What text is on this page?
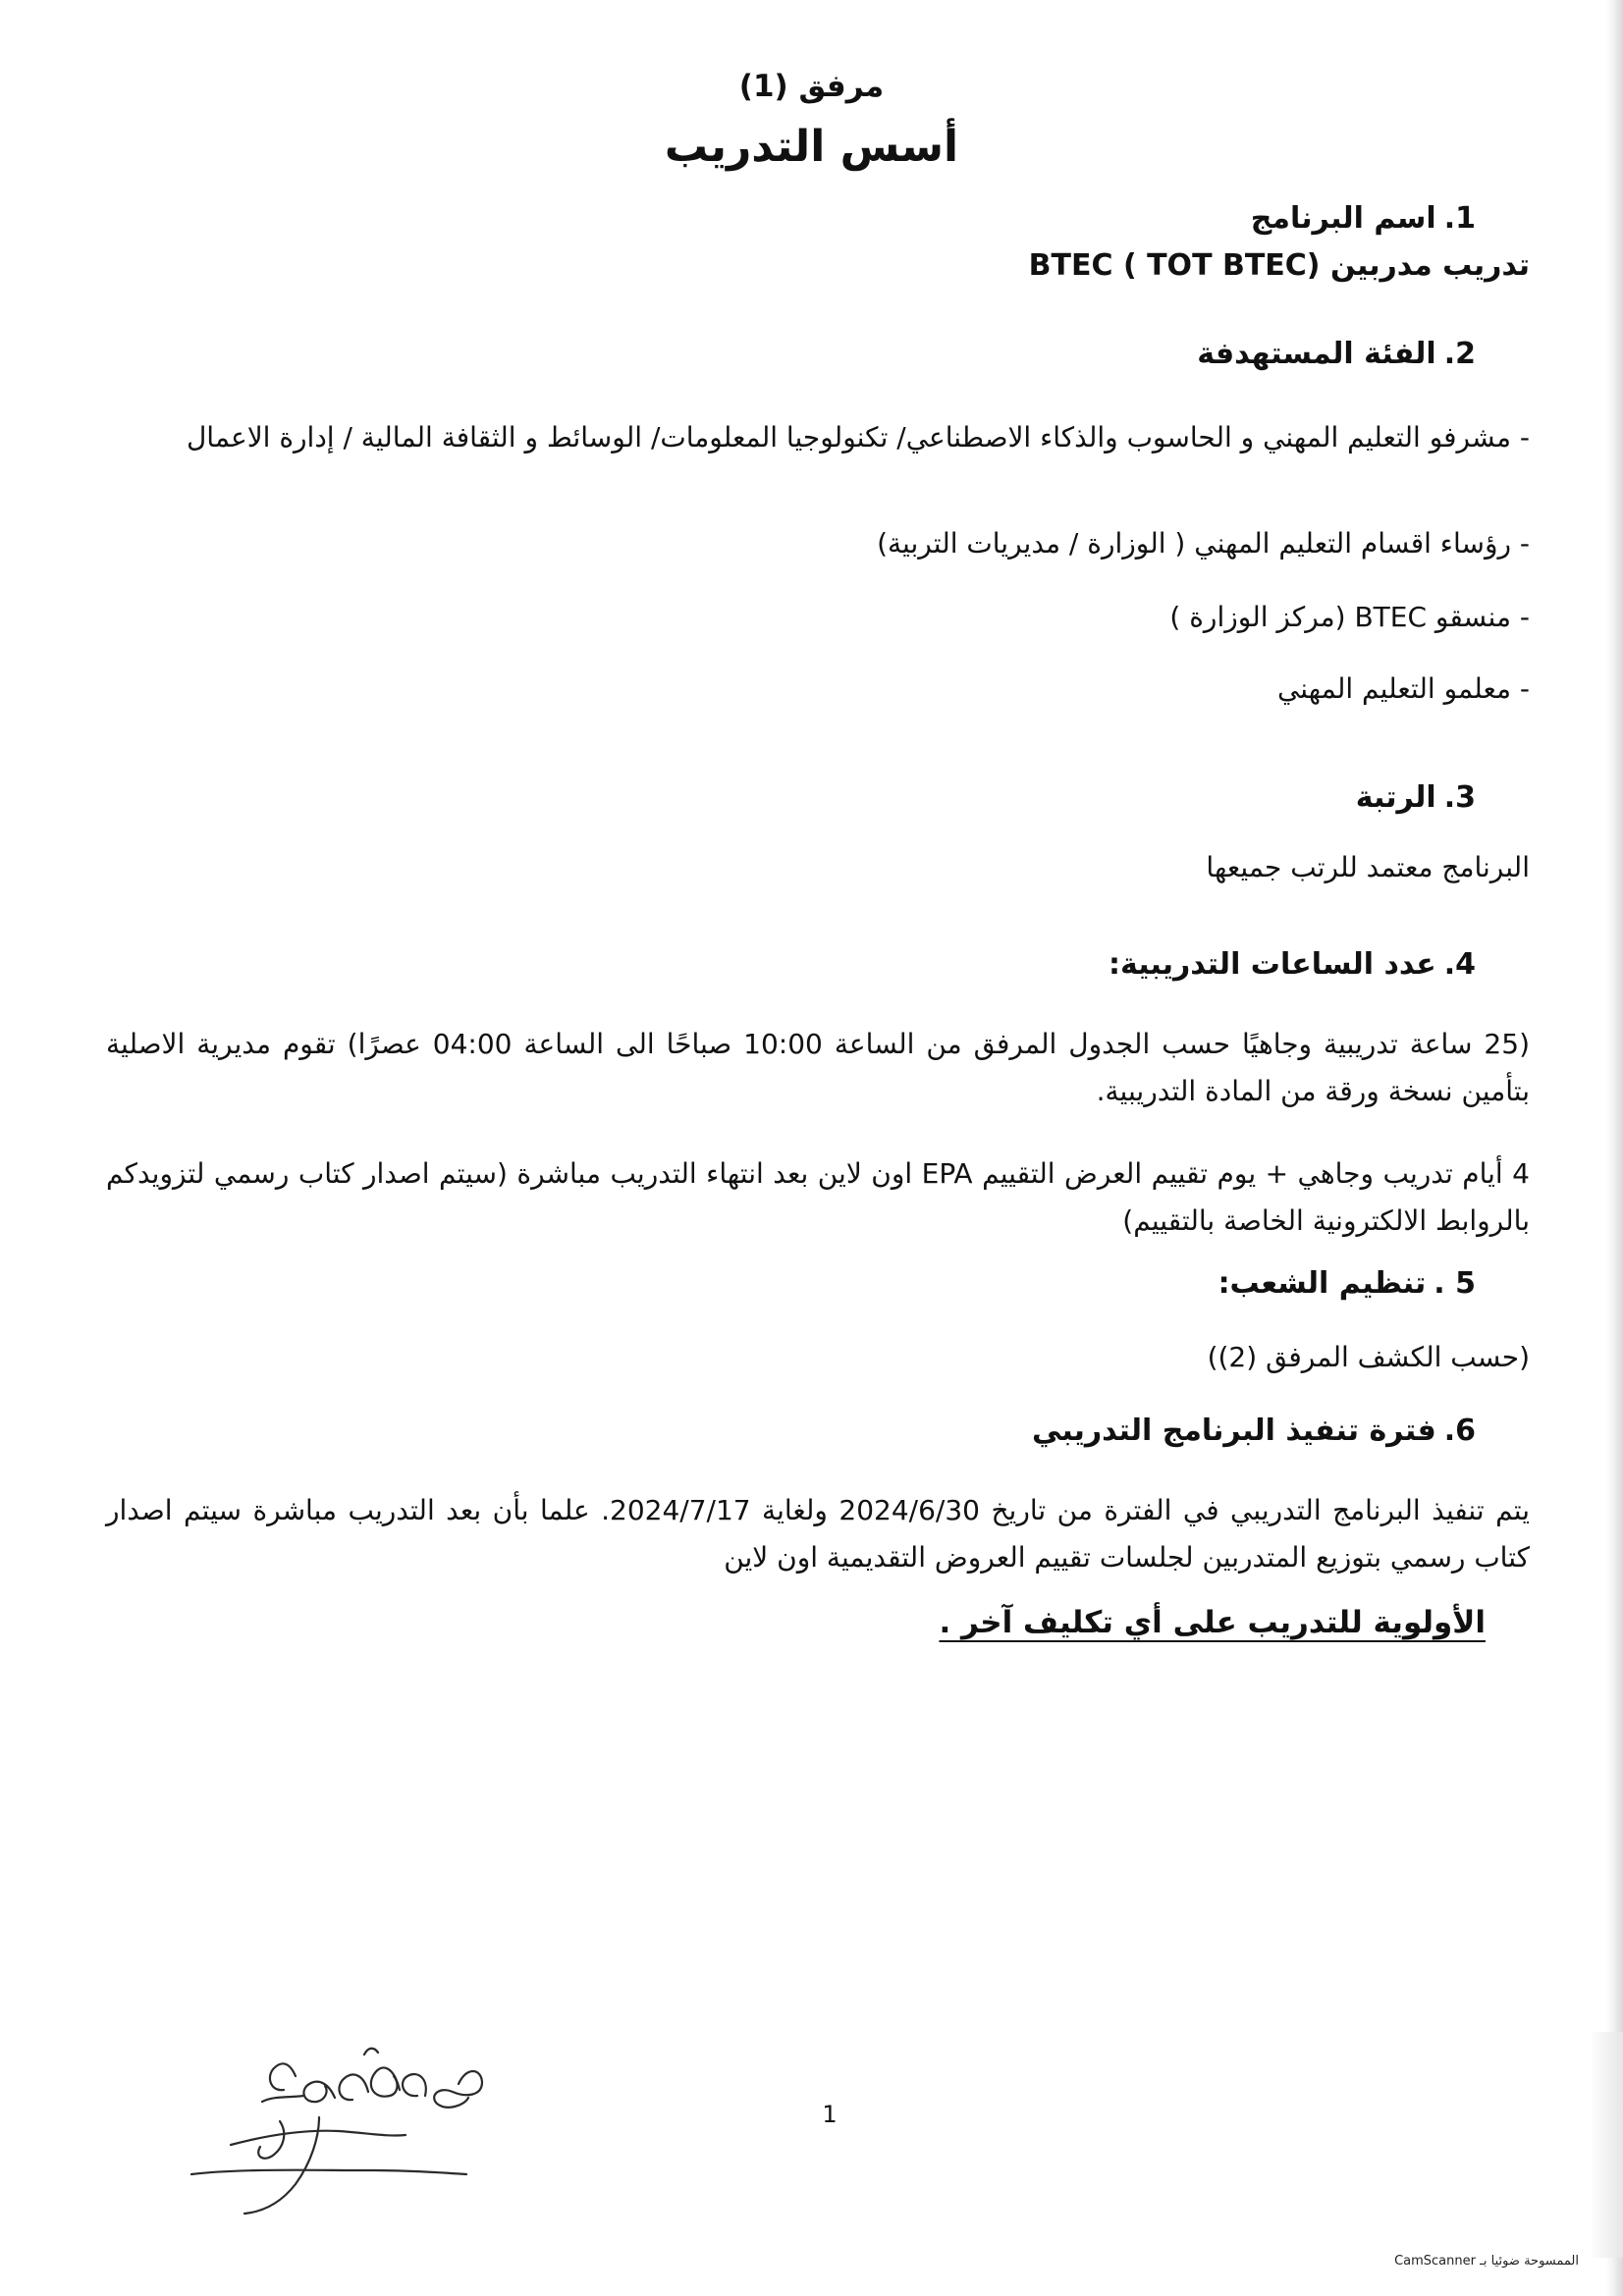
مرفق (1)

أسس التدريب

1.اسم البرنامج

تدريب مدربين BTEC ( TOT BTEC)

2.الفئة المستهدفة

- مشرفو التعليم المهني و الحاسوب والذكاء الاصطناعي/ تكنولوجيا المعلومات/ الوسائط و الثقافة المالية / إدارة الاعمال

- رؤساء اقسام التعليم المهني ( الوزارة / مديريات التربية)

- منسقو BTEC (مركز الوزارة )

- معلمو التعليم المهني

3.الرتبة

البرنامج معتمد للرتب جميعها

4.عدد الساعات التدريبية:

(25 ساعة تدريبية وجاهيًا حسب الجدول المرفق من الساعة 10:00 صباحًا الى الساعة 04:00 عصرًا) تقوم مديرية الاصلية بتأمين نسخة ورقة من المادة التدريبية.

4 أيام تدريب وجاهي + يوم تقييم العرض التقييم EPA اون لاين بعد انتهاء التدريب مباشرة (سيتم اصدار كتاب رسمي لتزويدكم بالروابط الالكترونية الخاصة بالتقييم)

5 .تنظيم الشعب:

(حسب الكشف المرفق (2))

6.فترة تنفيذ البرنامج التدريبي

يتم تنفيذ البرنامج التدريبي في الفترة من تاريخ 2024/6/30 ولغاية 2024/7/17. علما بأن بعد التدريب مباشرة سيتم اصدار كتاب رسمي بتوزيع المتدربين لجلسات تقييم العروض التقديمية اون لاين

الأولوية للتدريب على أي تكليف آخر .

علي شهوان

1

الممسوحة ضوئيا بـ CamScanner
